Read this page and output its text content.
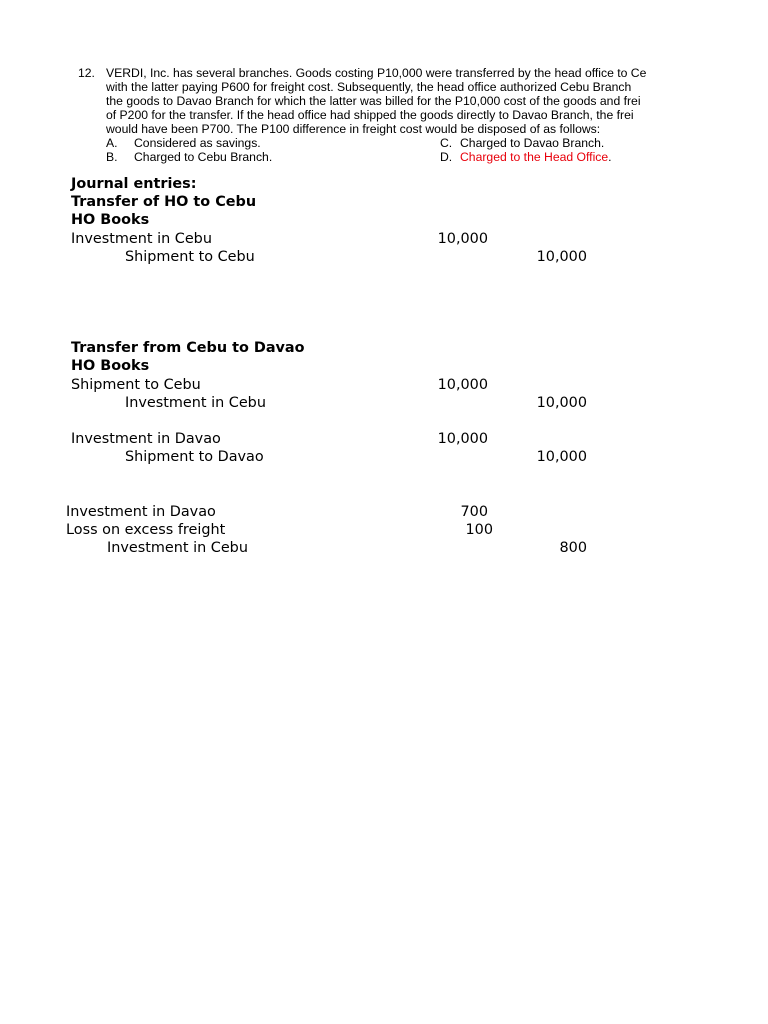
12. VERDI, Inc. has several branches. Goods costing P10,000 were transferred by the head office to Ce
with the latter paying P600 for freight cost. Subsequently, the head office authorized Cebu Branch
the goods to Davao Branch for which the latter was billed for the P10,000 cost of the goods and frei
of P200 for the transfer. If the head office had shipped the goods directly to Davao Branch, the frei
would have been P700. The P100 difference in freight cost would be disposed of as follows:
A. Considered as savings.
B. Charged to Cebu Branch.
C. Charged to Davao Branch.
D. Charged to the Head Office.
Journal entries:
Transfer of HO to Cebu
HO Books
Investment in Cebu	10,000
Shipment to Cebu	10,000
Transfer from Cebu to Davao
HO Books
Shipment to Cebu	10,000
Investment in Cebu	10,000
Investment in Davao	10,000
Shipment to Davao	10,000
Investment in Davao	700
Loss on excess freight	100
Investment in Cebu	800
